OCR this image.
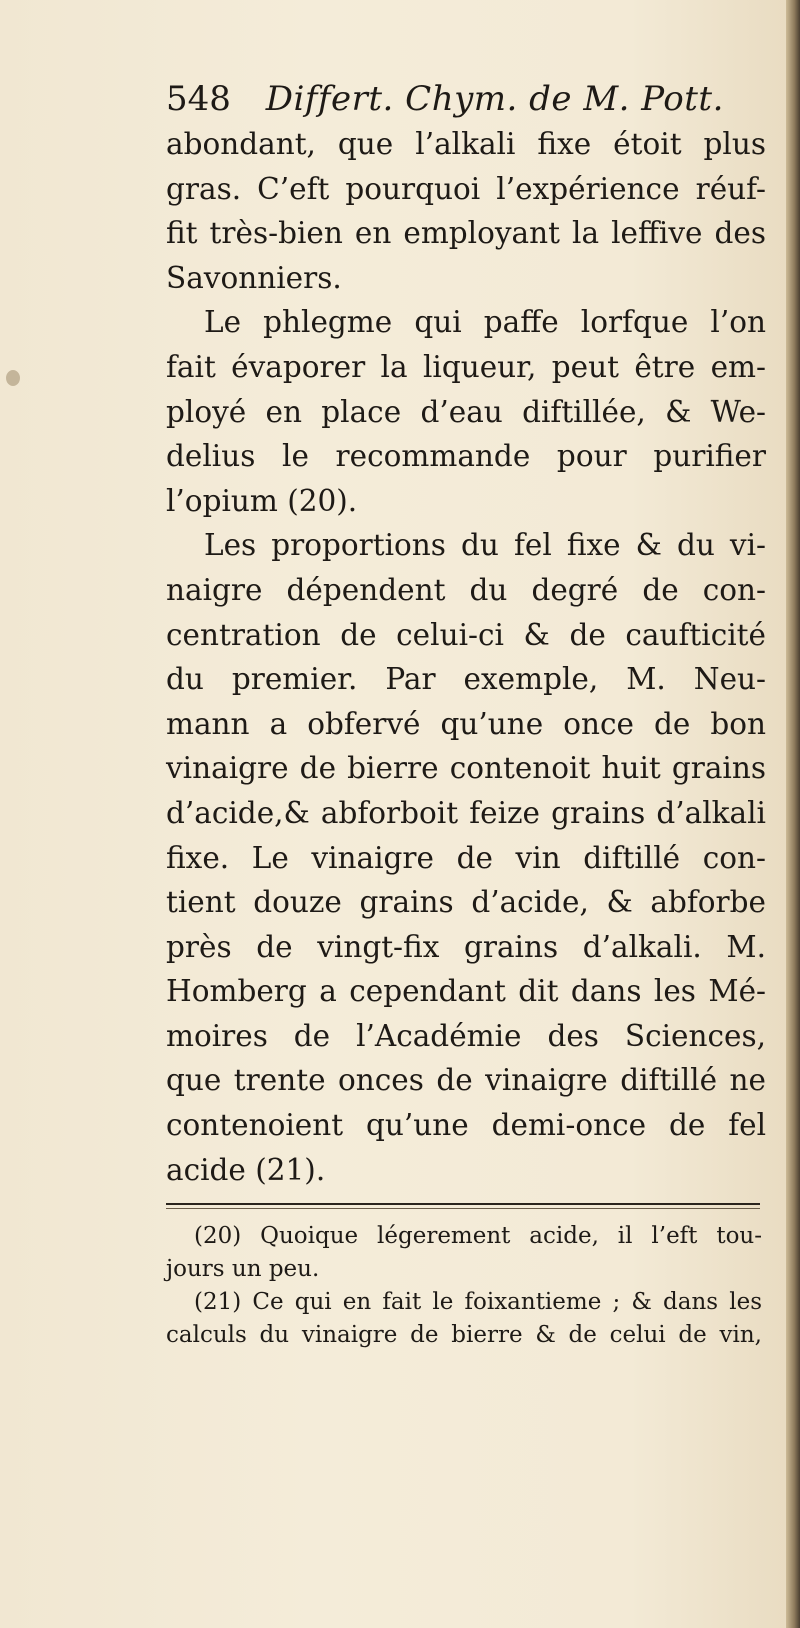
548 Differt. Chym. de M. Pott.
abondant, que l’alkali fixe étoit plus
gras. C’eft pourquoi l’expérience réuf-
fit très-bien en employant la leffive des
Savonniers.
Le phlegme qui paffe lorfque l’on
fait évaporer la liqueur, peut être em-
ployé en place d’eau diftillée, & We-
delius le recommande pour purifier
l’opium (20).
Les proportions du fel fixe & du vi-
naigre dépendent du degré de con-
centration de celui-ci & de caufticité
du premier. Par exemple, M. Neu-
mann a obfervé qu’une once de bon
vinaigre de bierre contenoit huit grains
d’acide,& abforboit feize grains d’alkali
fixe. Le vinaigre de vin diftillé con-
tient douze grains d’acide, & abforbe
près de vingt-fix grains d’alkali. M.
Homberg a cependant dit dans les Mé-
moires de l’Académie des Sciences,
que trente onces de vinaigre diftillé ne
contenoient qu’une demi-once de fel
acide (21).
(20) Quoique légerement acide, il l’eft tou-
jours un peu.
(21) Ce qui en fait le foixantieme ; & dans les
calculs du vinaigre de bierre & de celui de vin,
